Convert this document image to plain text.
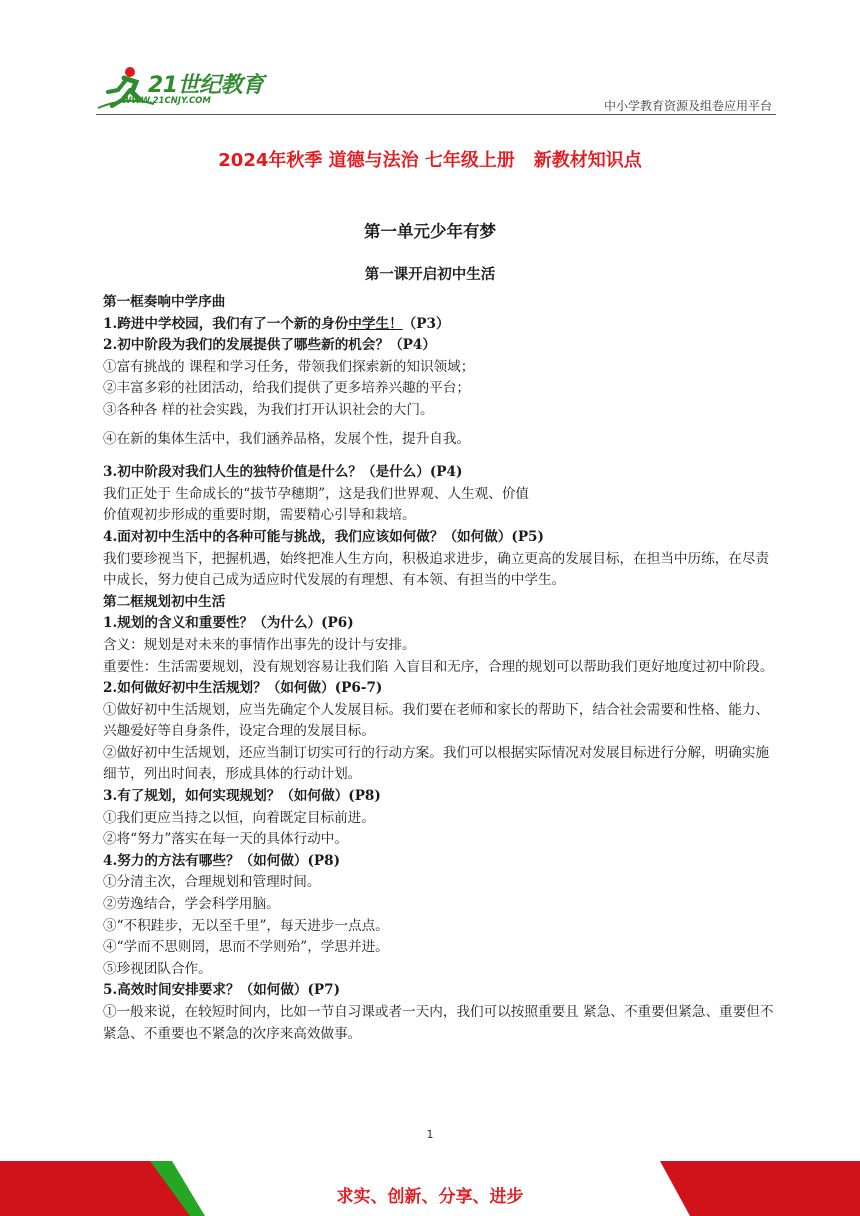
21世纪教育
WWW.21CNJY.COM	中小学教育资源及组卷应用平台
2024年秋季 道德与法治 七年级上册   新教材知识点
第一单元少年有梦
第一课开启初中生活

第一框奏响中学序曲

1.跨进中学校园，我们有了一个新的身份中学生！（P3）

2.初中阶段为我们的发展提供了哪些新的机会？（P4）

①富有挑战的 课程和学习任务，带领我们探索新的知识领域；

②丰富多彩的社团活动，给我们提供了更多培养兴趣的平台；

③各种各 样的社会实践，为我们打开认识社会的大门。

④在新的集体生活中，我们涵养品格，发展个性，提升自我。

3.初中阶段对我们人生的独特价值是什么？（是什么）(P4)

我们正处于 生命成长的“拔节孕穗期”，这是我们世界观、人生观、价值

价值观初步形成的重要时期，需要精心引导和栽培。

4.面对初中生活中的各种可能与挑战，我们应该如何做？（如何做）(P5)

我们要珍视当下，把握机遇，始终把准人生方向，积极追求进步，确立更高的发展目标，在担当中历练，在尽责中成长，努力使自己成为适应时代发展的有理想、有本领、有担当的中学生。

第二框规划初中生活

1.规划的含义和重要性？（为什么）(P6)

含义：规划是对未来的事情作出事先的设计与安排。

重要性：生活需要规划，没有规划容易让我们陷 入盲目和无序，合理的规划可以帮助我们更好地度过初中阶段。

2.如何做好初中生活规划？（如何做）(P6-7)

①做好初中生活规划，应当先确定个人发展目标。我们要在老师和家长的帮助下，结合社会需要和性格、能力、兴趣爱好等自身条件，设定合理的发展目标。

②做好初中生活规划，还应当制订切实可行的行动方案。我们可以根据实际情况对发展目标进行分解，明确实施细节，列出时间表，形成具体的行动计划。

3.有了规划，如何实现规划？（如何做）(P8)

①我们更应当持之以恒，向着既定目标前进。

②将“努力”落实在每一天的具体行动中。

4.努力的方法有哪些？（如何做）(P8)

①分清主次，合理规划和管理时间。

②劳逸结合，学会科学用脑。

③“不积跬步，无以至千里”，每天进步一点点。

④“学而不思则罔，思而不学则殆”，学思并进。

⑤珍视团队合作。

5.高效时间安排要求？（如何做）(P7)

①一般来说，在较短时间内，比如一节自习课或者一天内，我们可以按照重要且 紧急、不重要但紧急、重要但不紧急、不重要也不紧急的次序来高效做事。

1
求实、创新、分享、进步
